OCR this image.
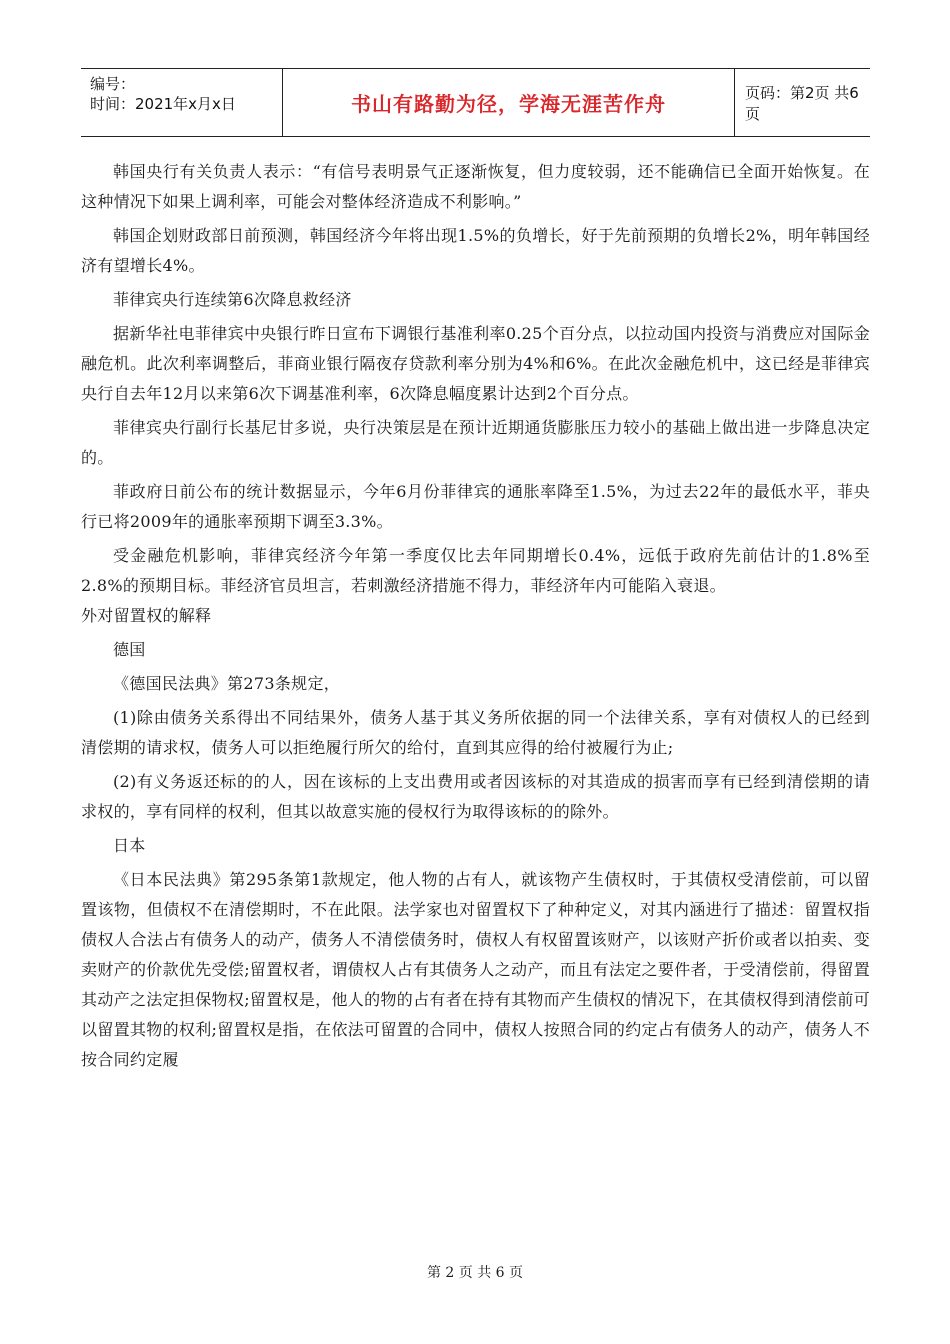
编号：
时间：2021年x月x日	书山有路勤为径，学海无涯苦作舟	页码：第2页 共6页

韩国央行有关负责人表示：“有信号表明景气正逐渐恢复，但力度较弱，还不能确信已全面开始恢复。在这种情况下如果上调利率，可能会对整体经济造成不利影响。”

韩国企划财政部日前预测，韩国经济今年将出现1.5%的负增长，好于先前预期的负增长2%，明年韩国经济有望增长4%。

菲律宾央行连续第6次降息救经济

据新华社电菲律宾中央银行昨日宣布下调银行基准利率0.25个百分点，以拉动国内投资与消费应对国际金融危机。此次利率调整后，菲商业银行隔夜存贷款利率分别为4%和6%。在此次金融危机中，这已经是菲律宾央行自去年12月以来第6次下调基准利率，6次降息幅度累计达到2个百分点。

菲律宾央行副行长基尼甘多说，央行决策层是在预计近期通货膨胀压力较小的基础上做出进一步降息决定的。

菲政府日前公布的统计数据显示，今年6月份菲律宾的通胀率降至1.5%，为过去22年的最低水平，菲央行已将2009年的通胀率预期下调至3.3%。

受金融危机影响，菲律宾经济今年第一季度仅比去年同期增长0.4%，远低于政府先前估计的1.8%至2.8%的预期目标。菲经济官员坦言，若刺激经济措施不得力，菲经济年内可能陷入衰退。

外对留置权的解释

德国

《德国民法典》第273条规定，

(1)除由债务关系得出不同结果外，债务人基于其义务所依据的同一个法律关系，享有对债权人的已经到清偿期的请求权，债务人可以拒绝履行所欠的给付，直到其应得的给付被履行为止;

(2)有义务返还标的的人，因在该标的上支出费用或者因该标的对其造成的损害而享有已经到清偿期的请求权的，享有同样的权利，但其以故意实施的侵权行为取得该标的的除外。

日本

《日本民法典》第295条第1款规定，他人物的占有人，就该物产生债权时，于其债权受清偿前，可以留置该物，但债权不在清偿期时，不在此限。法学家也对留置权下了种种定义，对其内涵进行了描述：留置权指债权人合法占有债务人的动产，债务人不清偿债务时，债权人有权留置该财产，以该财产折价或者以拍卖、变卖财产的价款优先受偿;留置权者，谓债权人占有其债务人之动产，而且有法定之要件者，于受清偿前，得留置其动产之法定担保物权;留置权是，他人的物的占有者在持有其物而产生债权的情况下，在其债权得到清偿前可以留置其物的权利;留置权是指，在依法可留置的合同中，债权人按照合同的约定占有债务人的动产，债务人不按合同约定履

第 2 页 共 6 页
